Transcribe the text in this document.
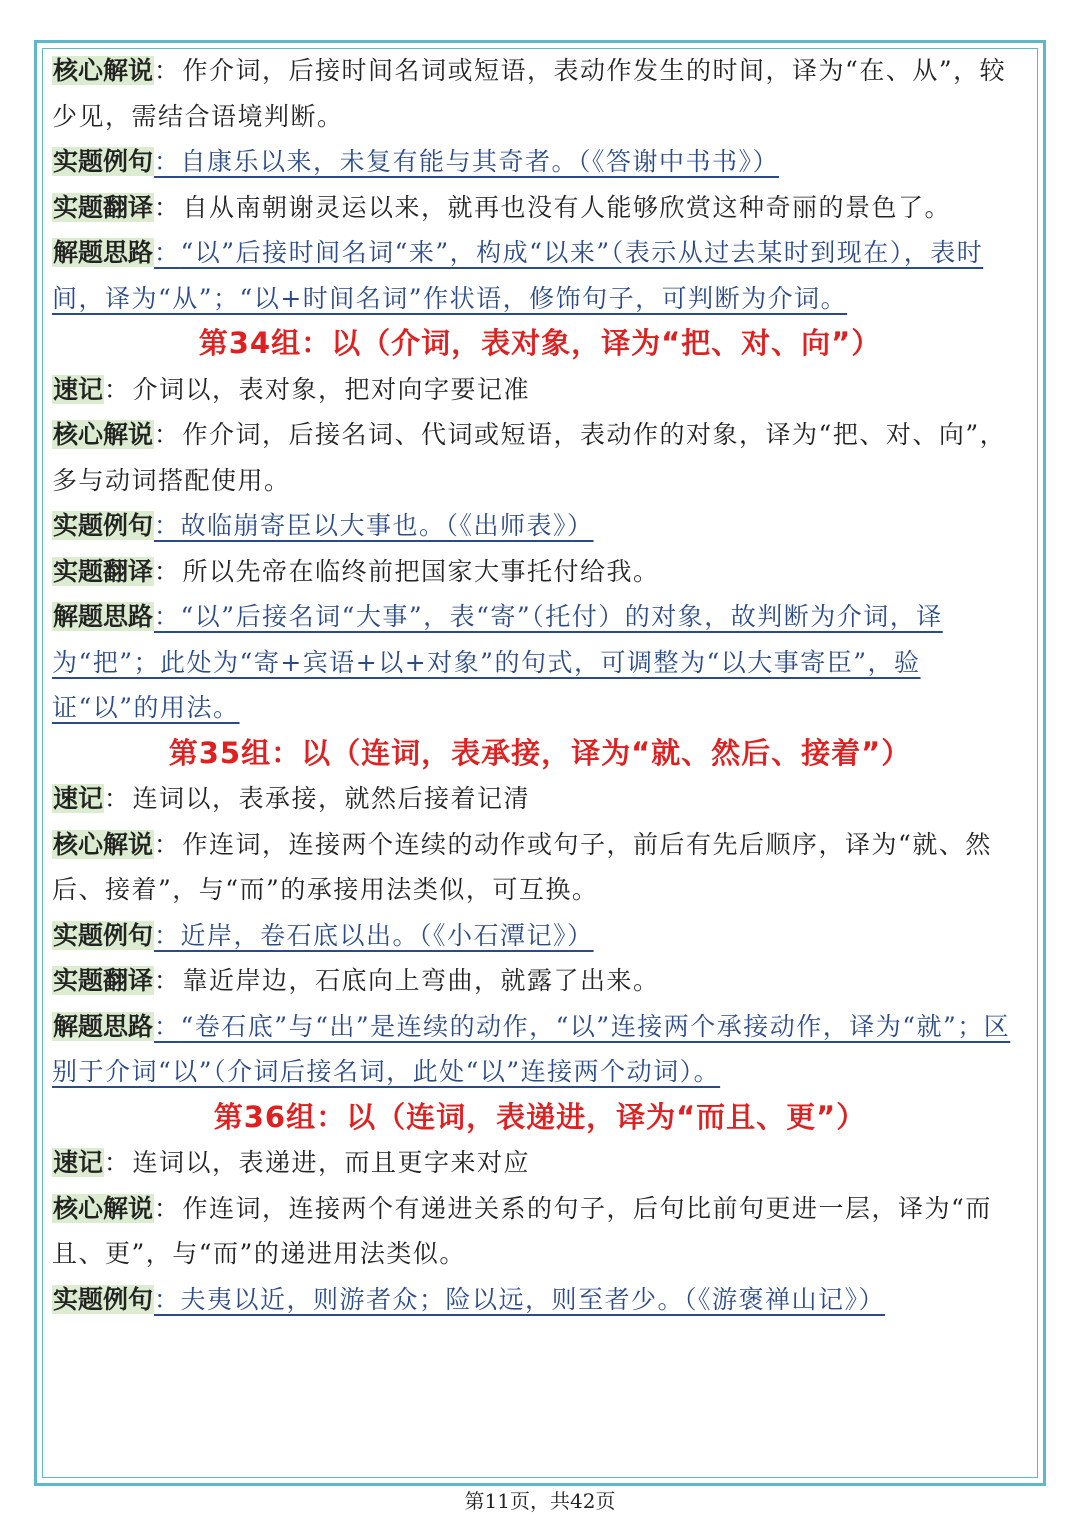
核心解说：作介词，后接时间名词或短语，表动作发生的时间，译为“在、从”，较少见，需结合语境判断。

实题例句：自康乐以来，未复有能与其奇者。（《答谢中书书》）

实题翻译：自从南朝谢灵运以来，就再也没有人能够欣赏这种奇丽的景色了。

解题思路：“以”后接时间名词“来”，构成“以来”（表示从过去某时到现在），表时间，译为“从”；“以+时间名词”作状语，修饰句子，可判断为介词。

第34组：以（介词，表对象，译为“把、对、向”）

速记：介词以，表对象，把对向字要记准

核心解说：作介词，后接名词、代词或短语，表动作的对象，译为“把、对、向”，多与动词搭配使用。

实题例句：故临崩寄臣以大事也。（《出师表》）

实题翻译：所以先帝在临终前把国家大事托付给我。

解题思路：“以”后接名词“大事”，表“寄”（托付）的对象，故判断为介词，译为“把”；此处为“寄+宾语+以+对象”的句式，可调整为“以大事寄臣”，验证“以”的用法。

第35组：以（连词，表承接，译为“就、然后、接着”）

速记：连词以，表承接，就然后接着记清

核心解说：作连词，连接两个连续的动作或句子，前后有先后顺序，译为“就、然后、接着”，与“而”的承接用法类似，可互换。

实题例句：近岸，卷石底以出。（《小石潭记》）

实题翻译：靠近岸边，石底向上弯曲，就露了出来。

解题思路：“卷石底”与“出”是连续的动作，“以”连接两个承接动作，译为“就”；区别于介词“以”（介词后接名词，此处“以”连接两个动词）。

第36组：以（连词，表递进，译为“而且、更”）

速记：连词以，表递进，而且更字来对应

核心解说：作连词，连接两个有递进关系的句子，后句比前句更进一层，译为“而且、更”，与“而”的递进用法类似。

实题例句：夫夷以近，则游者众；险以远，则至者少。（《游褒禅山记》）

第11页，共42页
